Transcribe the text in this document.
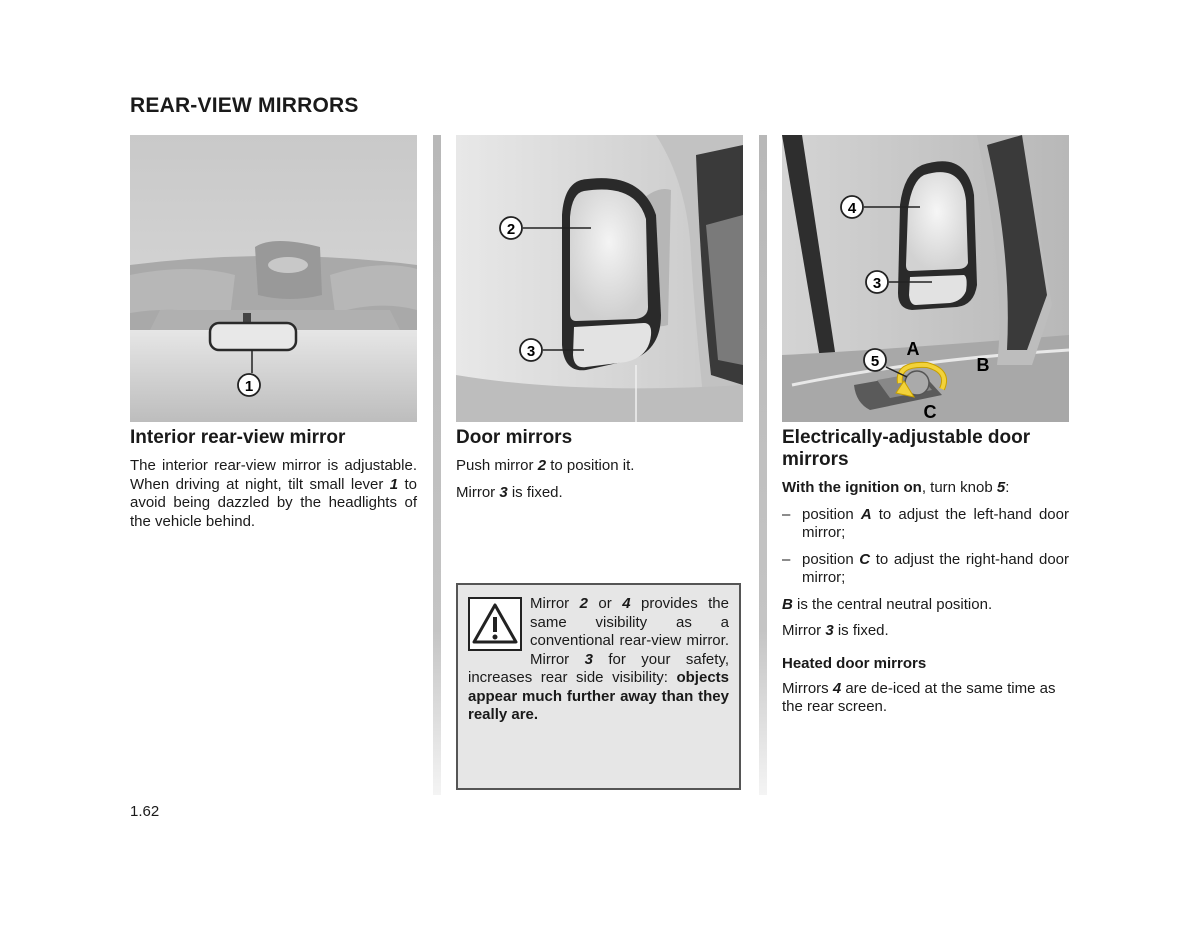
REAR-VIEW MIRRORS
1
Interior rear-view mirror

The interior rear-view mirror is adjustable. When driving at night, tilt small lever 1 to avoid being dazzled by the headlights of the vehicle behind.

2
3
Door mirrors

Push mirror 2 to position it.

Mirror 3 is fixed.

Mirror 2 or 4 provides the same visibility as a conventional rear-view mirror. Mirror 3 for your safety, increases rear side visibility: objects appear much further away than they really are.
4
3
5
A
B
C
Electrically-adjustable door mirrors

With the ignition on, turn knob 5:

– position A to adjust the left-hand door mirror;
– position C to adjust the right-hand door mirror;

B is the central neutral position.

Mirror 3 is fixed.

Heated door mirrors

Mirrors 4 are de-iced at the same time as the rear screen.

1.62
